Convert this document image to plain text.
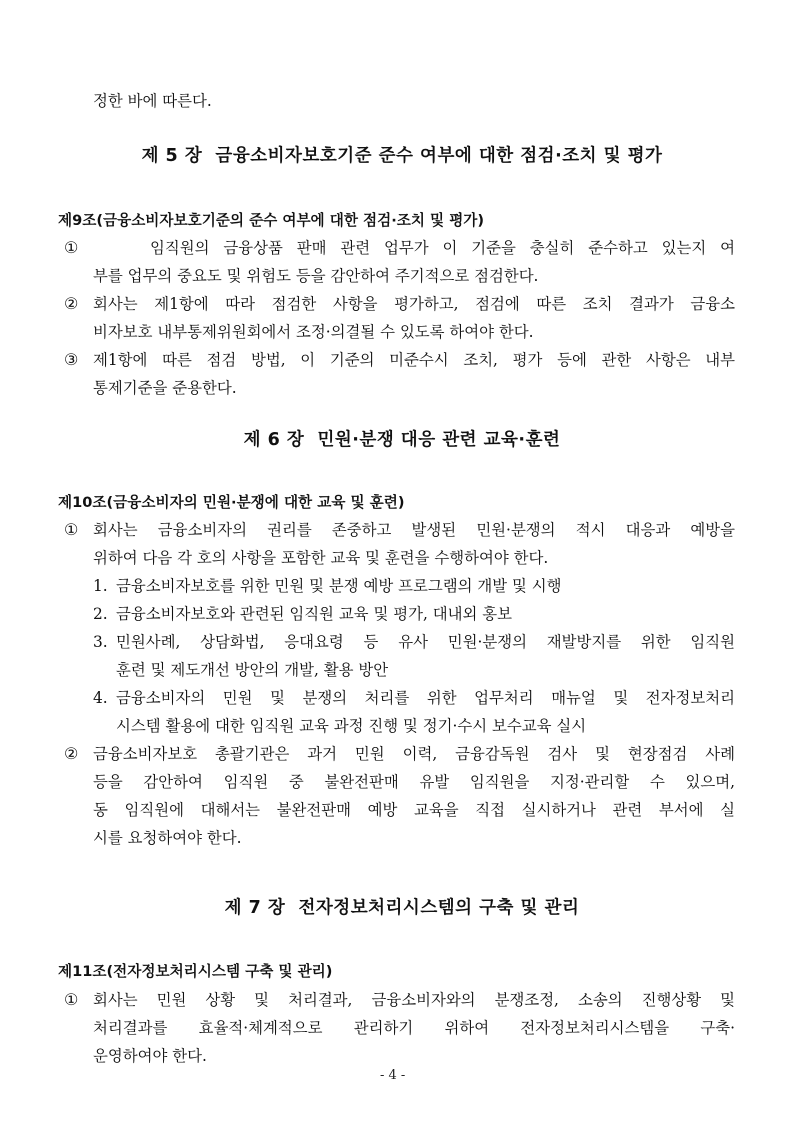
정한 바에 따른다.
제 5 장  금융소비자보호기준 준수 여부에 대한 점검·조치 및 평가
제9조(금융소비자보호기준의 준수 여부에 대한 점검·조치 및 평가)
①	임직원의 금융상품 판매 관련 업무가 이 기준을 충실히 준수하고 있는지 여
부를 업무의 중요도 및 위험도 등을 감안하여 주기적으로 점검한다.
② 회사는 제1항에 따라 점검한 사항을 평가하고, 점검에 따른 조치 결과가 금융소
비자보호 내부통제위원회에서 조정·의결될 수 있도록 하여야 한다.
③ 제1항에 따른 점검 방법, 이 기준의 미준수시 조치, 평가 등에 관한 사항은 내부
통제기준을 준용한다.
제 6 장  민원·분쟁 대응 관련 교육·훈련
제10조(금융소비자의 민원·분쟁에 대한 교육 및 훈련)
① 회사는 금융소비자의 권리를 존중하고 발생된 민원·분쟁의 적시 대응과 예방을
위하여 다음 각 호의 사항을 포함한 교육 및 훈련을 수행하여야 한다.
1. 금융소비자보호를 위한 민원 및 분쟁 예방 프로그램의 개발 및 시행
2. 금융소비자보호와 관련된 임직원 교육 및 평가, 대내외 홍보
3. 민원사례, 상담화법, 응대요령 등 유사 민원·분쟁의 재발방지를 위한 임직원
훈련 및 제도개선 방안의 개발, 활용 방안
4. 금융소비자의 민원 및 분쟁의 처리를 위한 업무처리 매뉴얼 및 전자정보처리
시스템 활용에 대한 임직원 교육 과정 진행 및 정기·수시 보수교육 실시
② 금융소비자보호 총괄기관은 과거 민원 이력, 금융감독원 검사 및 현장점검 사례
등을 감안하여 임직원 중 불완전판매 유발 임직원을 지정·관리할 수 있으며,
동 임직원에 대해서는 불완전판매 예방 교육을 직접 실시하거나 관련 부서에 실
시를 요청하여야 한다.
제 7 장  전자정보처리시스템의 구축 및 관리
제11조(전자정보처리시스템 구축 및 관리)
① 회사는 민원 상황 및 처리결과, 금융소비자와의 분쟁조정, 소송의 진행상황 및
처리결과를 효율적·체계적으로 관리하기 위하여 전자정보처리시스템을 구축·
운영하여야 한다.
- 4 -
